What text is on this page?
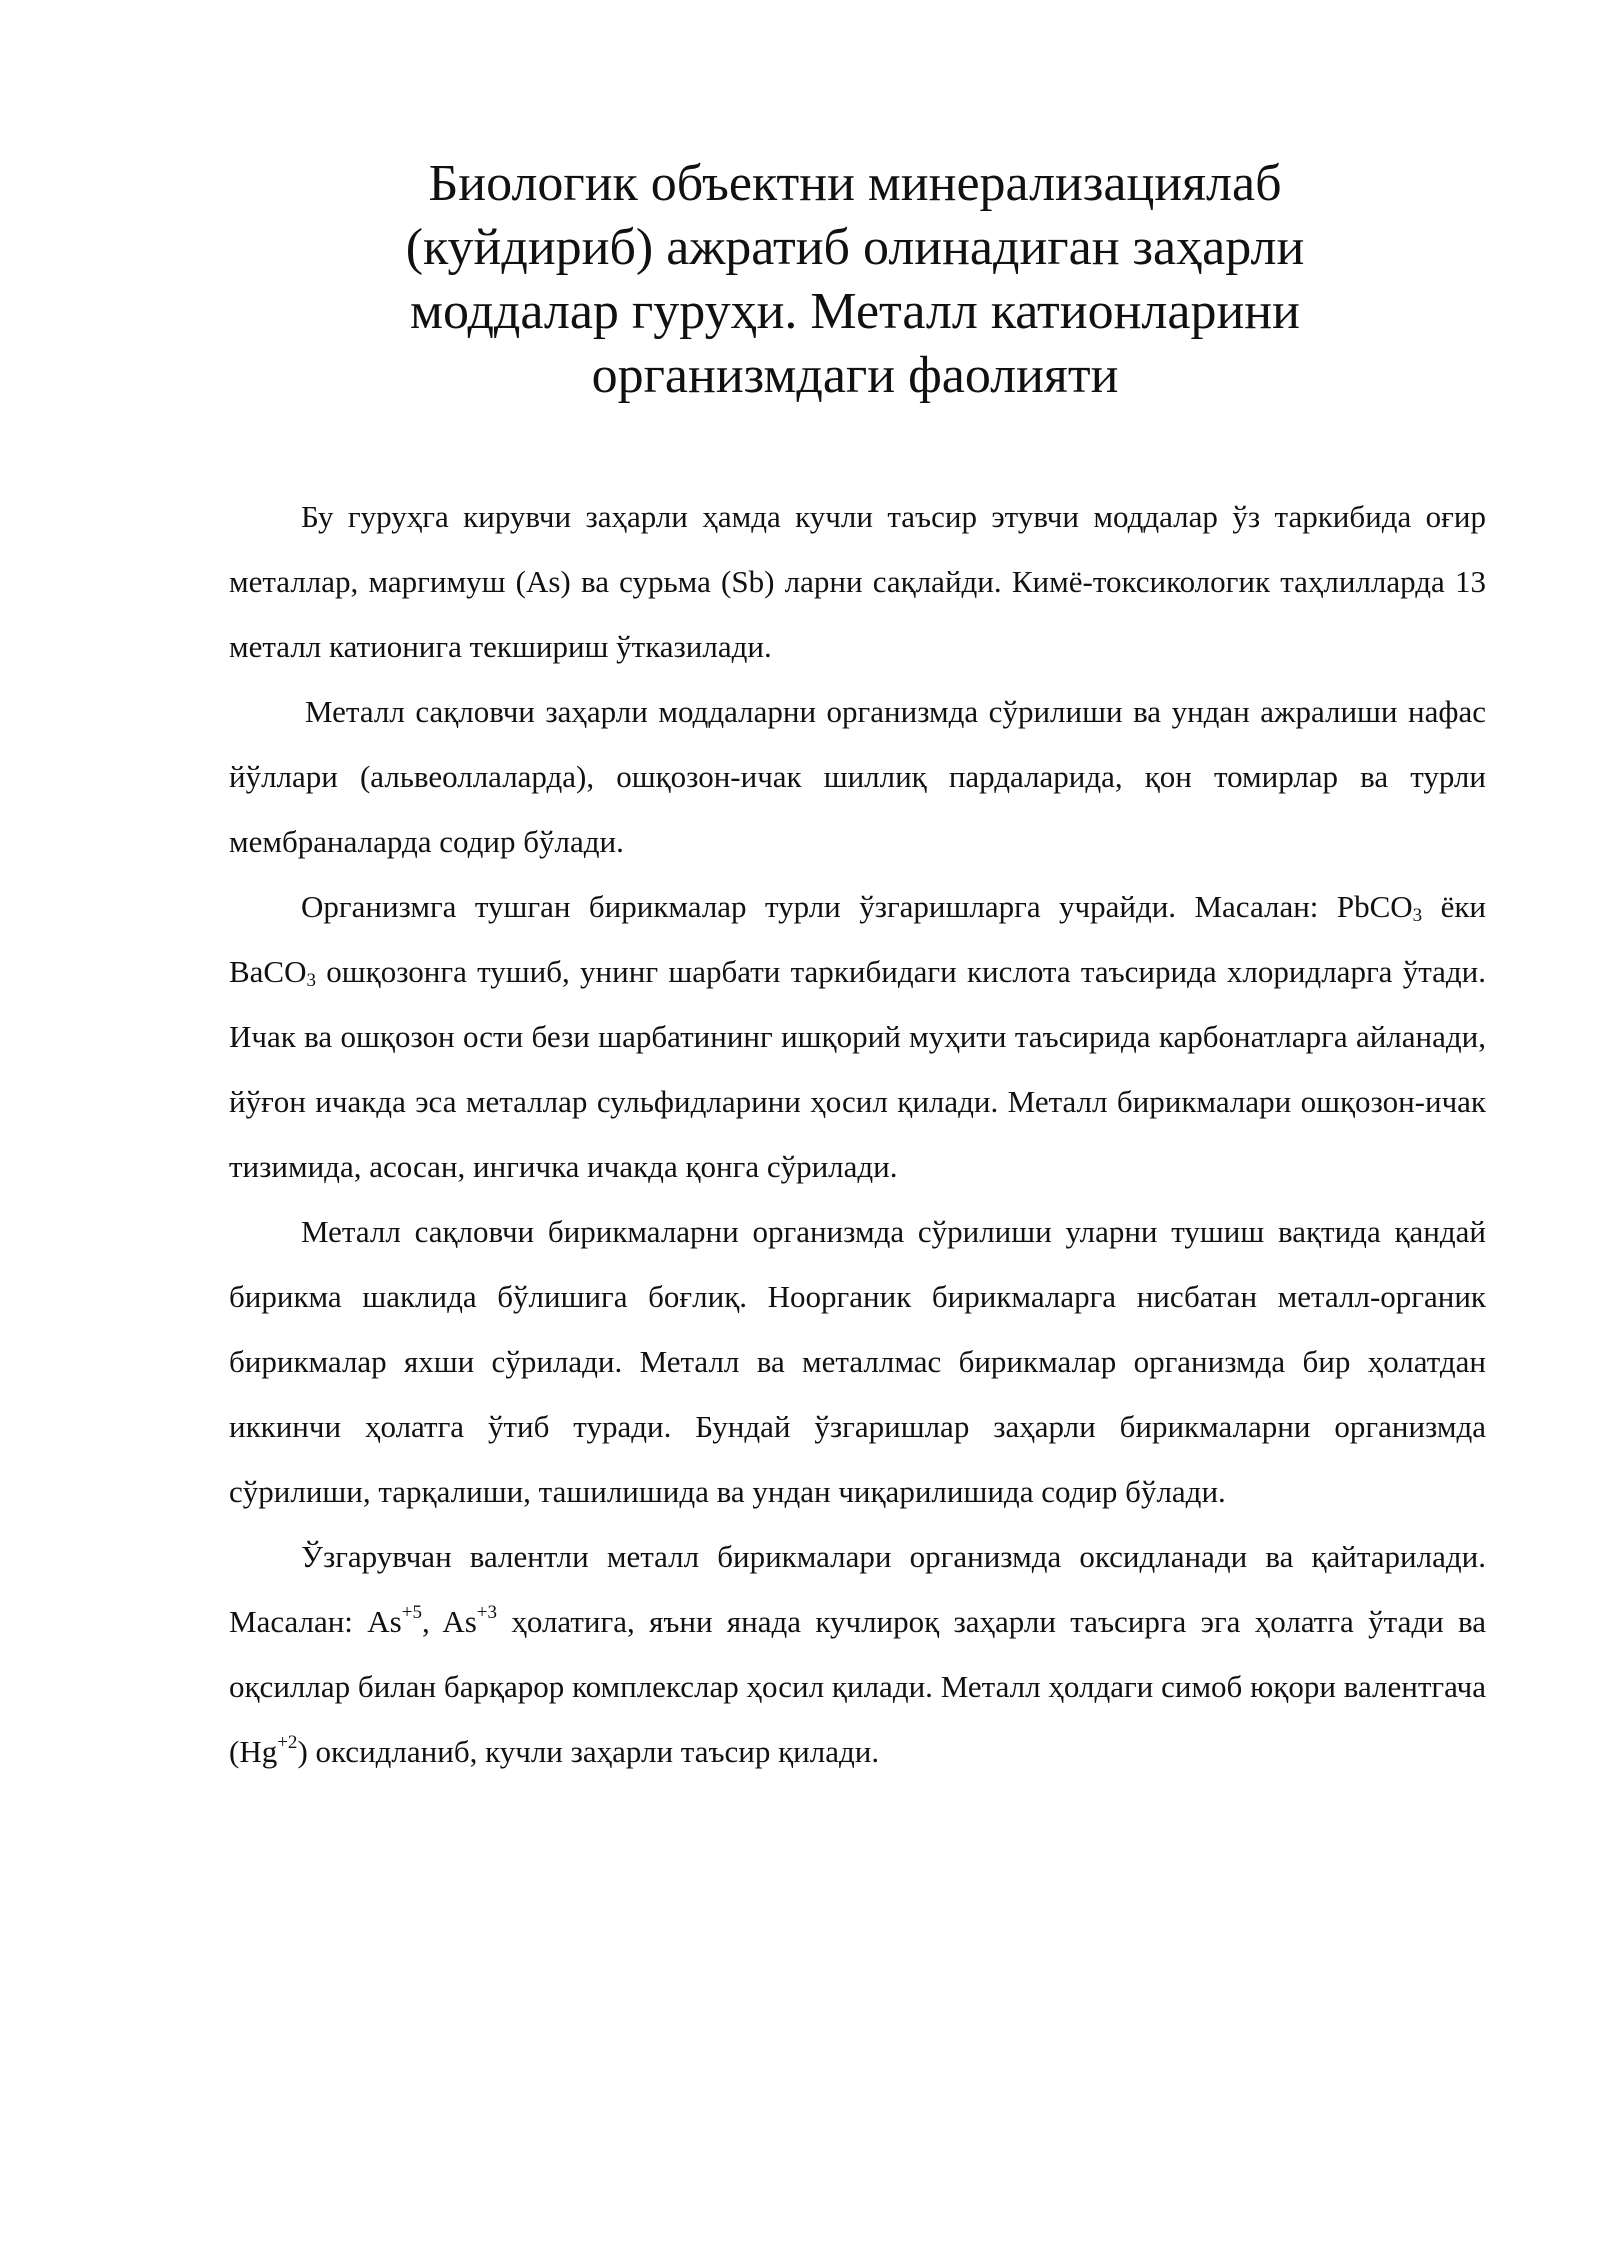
Биологик объектни минерализациялаб
(куйдириб) ажратиб олинадиган заҳарли
моддалар гуруҳи. Металл катионларини
организмдаги фаолияти

Бу гуруҳга кирувчи заҳарли ҳамда кучли таъсир этувчи моддалар ўз таркибида оғир металлар, маргимуш (As) ва сурьма (Sb) ларни сақлайди. Кимё-токсикологик таҳлилларда 13 металл катионига текшириш ўтказилади.

Металл сақловчи заҳарли моддаларни организмда сўрилиши ва ундан ажралиши нафас йўллари (альвеоллаларда), ошқозон-ичак шиллиқ пардаларида, қон томирлар ва турли мембраналарда содир бўлади.

Организмга тушган бирикмалар турли ўзгаришларга учрайди. Масалан: PbCO$_3$ ёки BaCO$_3$ ошқозонга тушиб, унинг шарбати таркибидаги кислота таъсирида хлоридларга ўтади. Ичак ва ошқозон ости бези шарбатининг ишқорий муҳити таъсирида карбонатларга айланади, йўғон ичакда эса металлар сульфидларини ҳосил қилади. Металл бирикмалари ошқозон-ичак тизимида, асосан, ингичка ичакда қонга сўрилади.

Металл сақловчи бирикмаларни организмда сўрилиши уларни тушиш вақтида қандай бирикма шаклида бўлишига боғлиқ. Ноорганик бирикмаларга нисбатан металл-органик бирикмалар яхши сўрилади. Металл ва металлмас бирикмалар организмда бир ҳолатдан иккинчи ҳолатга ўтиб туради. Бундай ўзгаришлар заҳарли бирикмаларни организмда сўрилиши, тарқалиши, ташилишида ва ундан чиқарилишида содир бўлади.

Ўзгарувчан валентли металл бирикмалари организмда оксидланади ва қайтарилади. Масалан: $As^{+5}$, $As^{+3}$ ҳолатига, яъни янада кучлироқ заҳарли таъсирга эга ҳолатга ўтади ва оқсиллар билан барқарор комплекслар ҳосил қилади. Металл ҳолдаги симоб юқори валентгача $(Hg^{+2})$ оксидланиб, кучли заҳарли таъсир қилади.
